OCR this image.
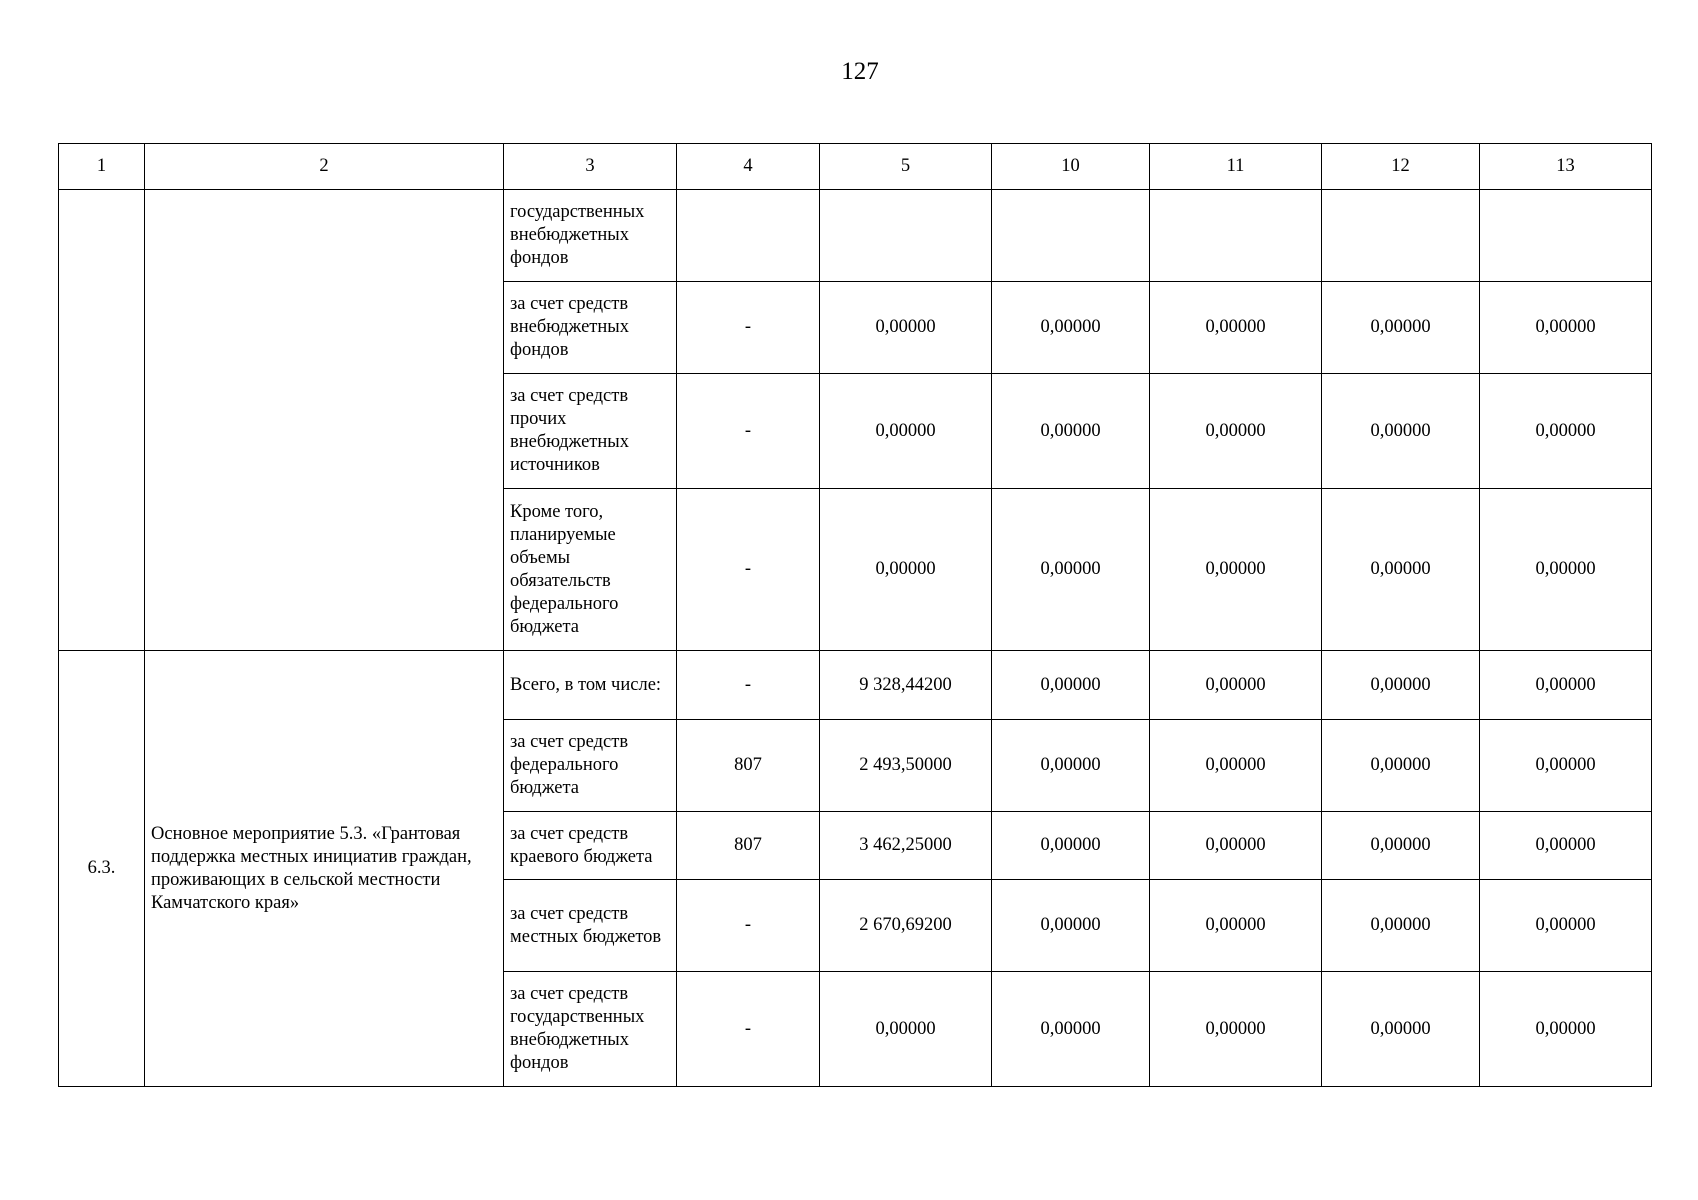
127
1	2	3	4	5	10	11	12	13
		государственных внебюджетных фондов						
		за счет средств внебюджетных фондов	-	0,00000	0,00000	0,00000	0,00000	0,00000
		за счет средств прочих внебюджетных источников	-	0,00000	0,00000	0,00000	0,00000	0,00000
		Кроме того, планируемые объемы обязательств федерального бюджета	-	0,00000	0,00000	0,00000	0,00000	0,00000
6.3.	Основное мероприятие 5.3. «Грантовая поддержка местных инициатив граждан, проживающих в сельской местности Камчатского края»	Всего, в том числе:	-	9 328,44200	0,00000	0,00000	0,00000	0,00000
		за счет средств федерального бюджета	807	2 493,50000	0,00000	0,00000	0,00000	0,00000
		за счет средств краевого бюджета	807	3 462,25000	0,00000	0,00000	0,00000	0,00000
		за счет средств местных бюджетов	-	2 670,69200	0,00000	0,00000	0,00000	0,00000
		за счет средств государственных внебюджетных фондов	-	0,00000	0,00000	0,00000	0,00000	0,00000
